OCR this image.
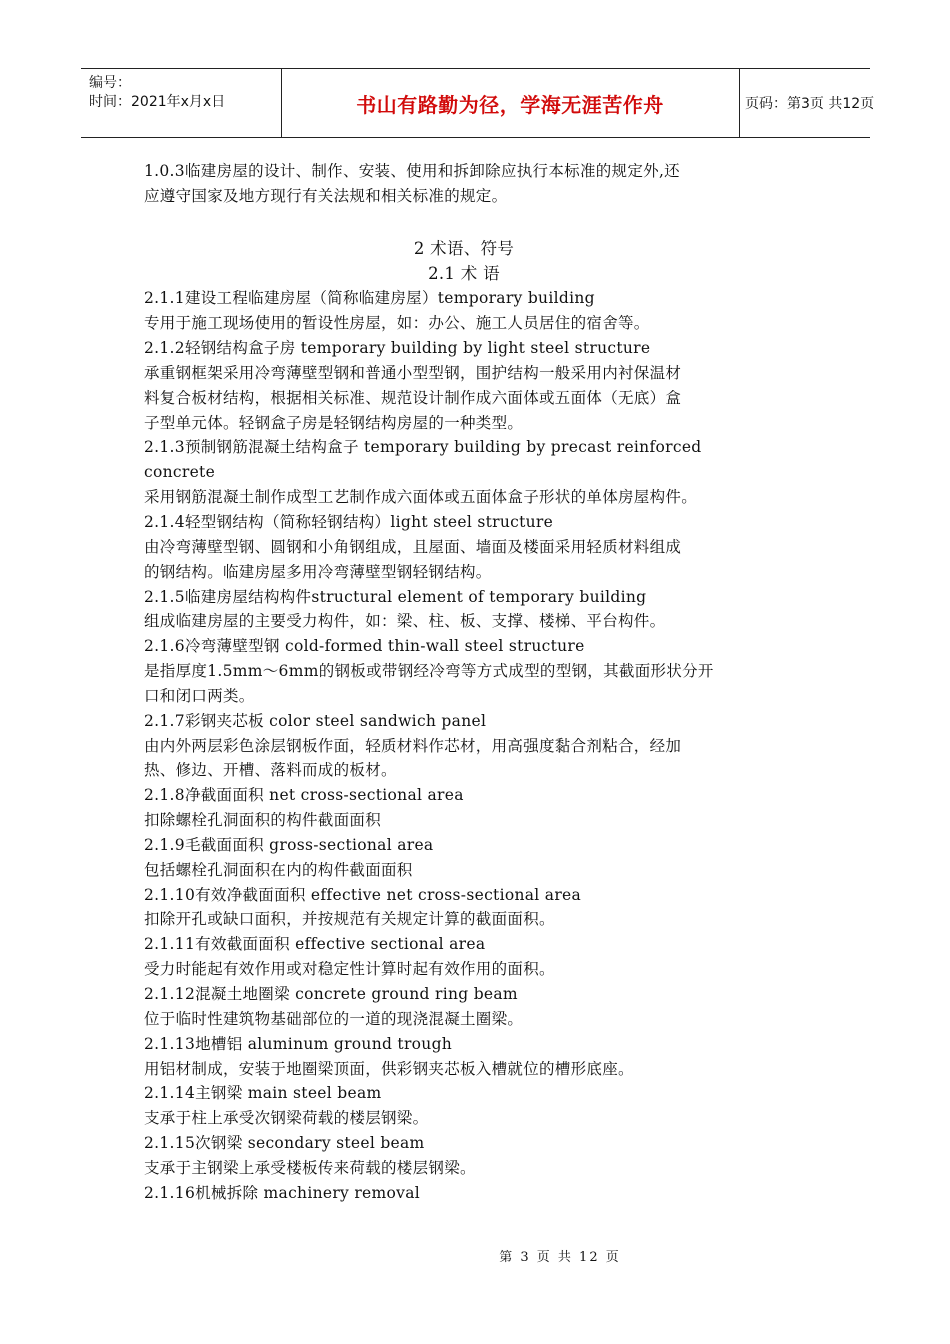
编号：
时间：2021年x月x日	书山有路勤为径，学海无涯苦作舟	页码：第3页 共12页
1.0.3临建房屋的设计、制作、安装、使用和拆卸除应执行本标准的规定外,还
应遵守国家及地方现行有关法规和相关标准的规定。
2 术语、符号
2.1 术 语
2.1.1建设工程临建房屋（简称临建房屋）temporary building
专用于施工现场使用的暂设性房屋，如：办公、施工人员居住的宿舍等。
2.1.2轻钢结构盒子房 temporary building by light steel structure
承重钢框架采用冷弯薄壁型钢和普通小型型钢，围护结构一般采用内衬保温材
料复合板材结构，根据相关标准、规范设计制作成六面体或五面体（无底）盒
子型单元体。轻钢盒子房是轻钢结构房屋的一种类型。
2.1.3预制钢筋混凝土结构盒子 temporary building by precast reinforced
concrete
采用钢筋混凝土制作成型工艺制作成六面体或五面体盒子形状的单体房屋构件。
2.1.4轻型钢结构（简称轻钢结构）light steel structure
由冷弯薄壁型钢、圆钢和小角钢组成，且屋面、墙面及楼面采用轻质材料组成
的钢结构。临建房屋多用冷弯薄壁型钢轻钢结构。
2.1.5临建房屋结构构件structural element of temporary building
组成临建房屋的主要受力构件，如：梁、柱、板、支撑、楼梯、平台构件。
2.1.6冷弯薄壁型钢 cold-formed thin-wall steel structure
是指厚度1.5mm～6mm的钢板或带钢经冷弯等方式成型的型钢，其截面形状分开
口和闭口两类。
2.1.7彩钢夹芯板 color steel sandwich panel
由内外两层彩色涂层钢板作面，轻质材料作芯材，用高强度黏合剂粘合，经加
热、修边、开槽、落料而成的板材。
2.1.8净截面面积 net cross-sectional area
扣除螺栓孔洞面积的构件截面面积
2.1.9毛截面面积 gross-sectional area
包括螺栓孔洞面积在内的构件截面面积
2.1.10有效净截面面积 effective net cross-sectional area
扣除开孔或缺口面积，并按规范有关规定计算的截面面积。
2.1.11有效截面面积 effective sectional area
受力时能起有效作用或对稳定性计算时起有效作用的面积。
2.1.12混凝土地圈梁 concrete ground ring beam
位于临时性建筑物基础部位的一道的现浇混凝土圈梁。
2.1.13地槽铝 aluminum ground trough
用铝材制成，安装于地圈梁顶面，供彩钢夹芯板入槽就位的槽形底座。
2.1.14主钢梁 main steel beam
支承于柱上承受次钢梁荷载的楼层钢梁。
2.1.15次钢梁 secondary steel beam
支承于主钢梁上承受楼板传来荷载的楼层钢梁。
2.1.16机械拆除 machinery removal
第 3 页 共 12 页
